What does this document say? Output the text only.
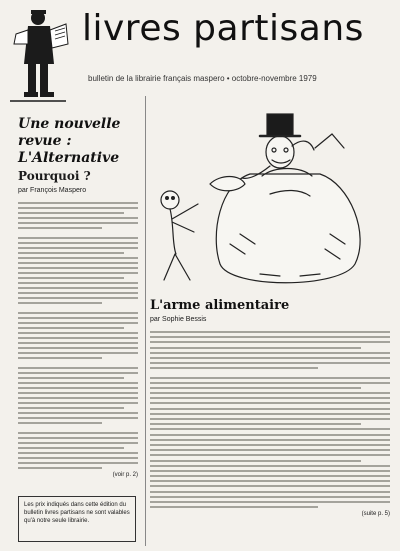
livres partisans
bulletin de la librairie français maspero • octobre-novembre 1979
Une nouvelle revue : L'Alternative
Pourquoi ?
par François Maspero
(voir p. 2)
Les prix indiqués dans cette édition du bulletin livres partisans ne sont valables qu'à notre seule librairie.
L'arme alimentaire
par Sophie Bessis
(suite p. 5)
